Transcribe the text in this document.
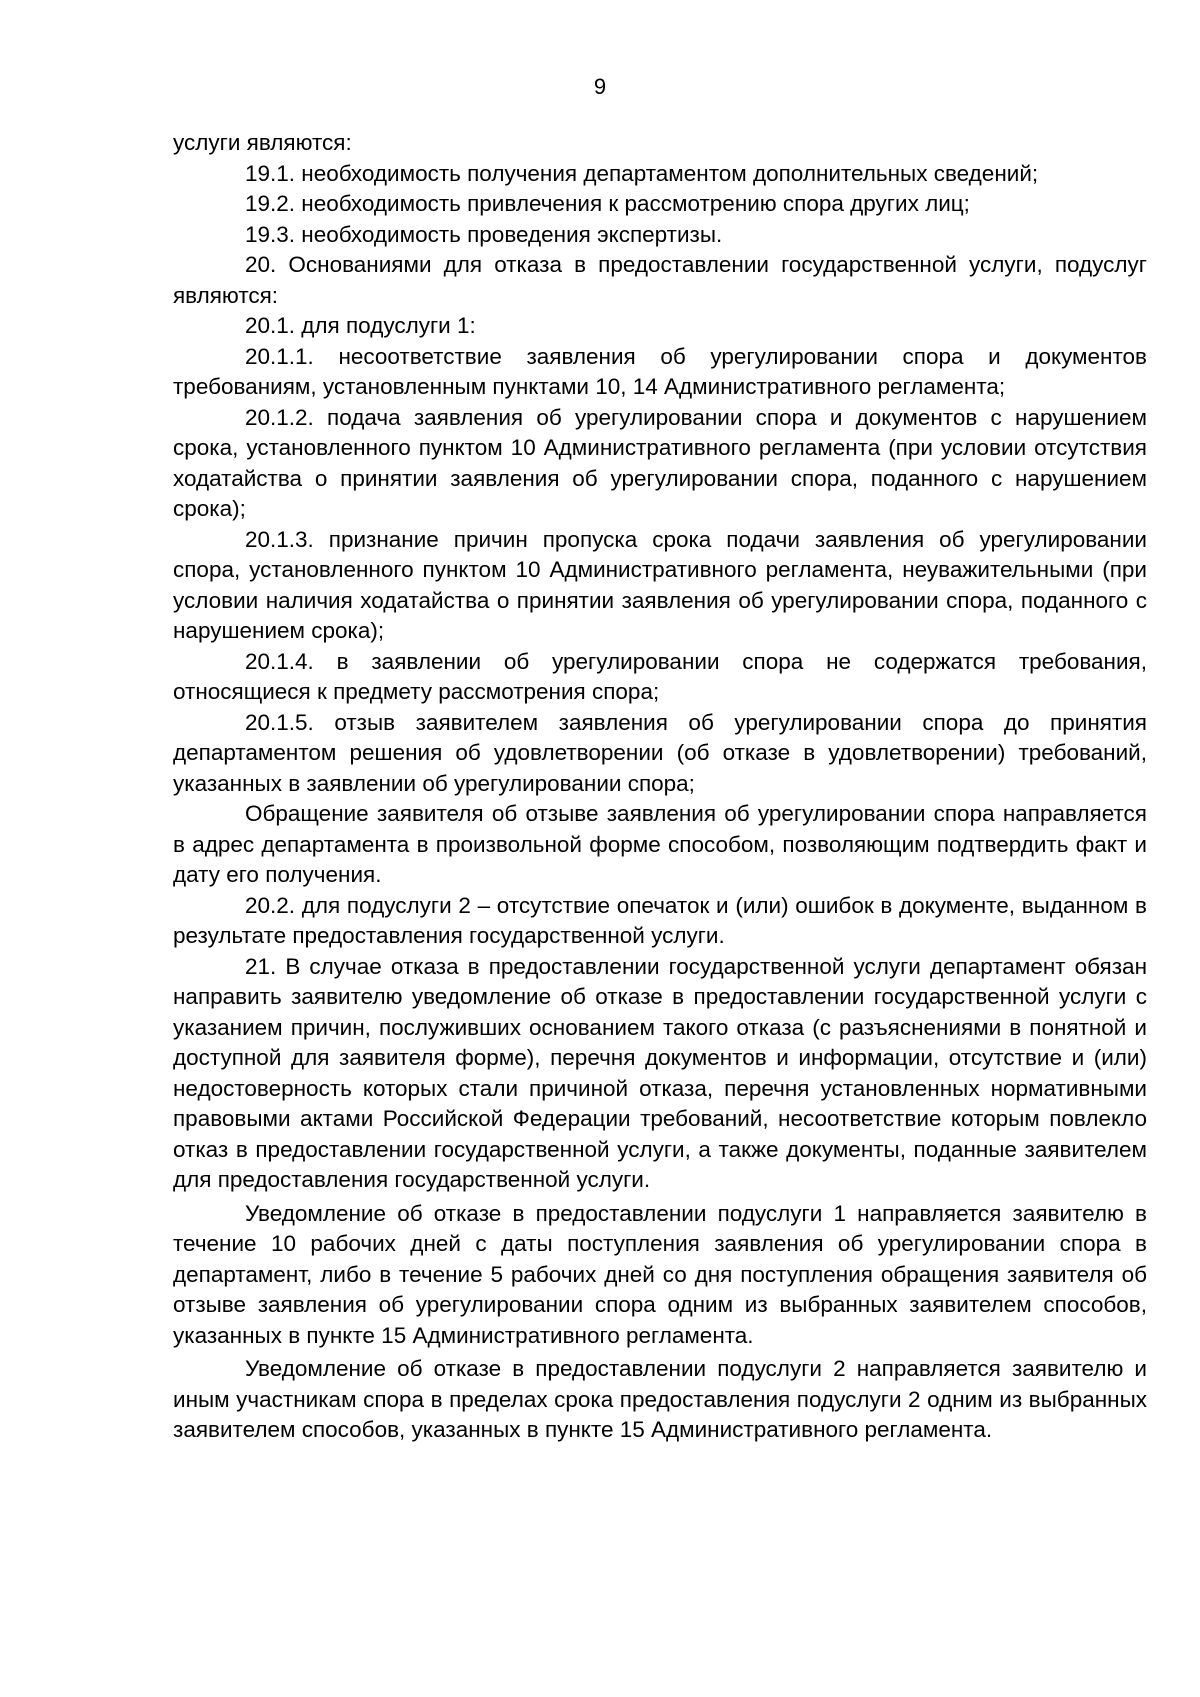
9

услуги являются:

19.1. необходимость получения департаментом дополнительных сведений;

19.2. необходимость привлечения к рассмотрению спора других лиц;

19.3. необходимость проведения экспертизы.

20. Основаниями для отказа в предоставлении государственной услуги, подуслуг являются:

20.1. для подуслуги 1:

20.1.1. несоответствие заявления об урегулировании спора и документов требованиям, установленным пунктами 10, 14 Административного регламента;

20.1.2. подача заявления об урегулировании спора и документов с нарушением срока, установленного пунктом 10 Административного регламента (при условии отсутствия ходатайства о принятии заявления об урегулировании спора, поданного с нарушением срока);

20.1.3. признание причин пропуска срока подачи заявления об урегулировании спора, установленного пунктом 10 Административного регламента, неуважительными (при условии наличия ходатайства о принятии заявления об урегулировании спора, поданного с нарушением срока);

20.1.4. в заявлении об урегулировании спора не содержатся требования, относящиеся к предмету рассмотрения спора;

20.1.5. отзыв заявителем заявления об урегулировании спора до принятия департаментом решения об удовлетворении (об отказе в удовлетворении) требований, указанных в заявлении об урегулировании спора;

Обращение заявителя об отзыве заявления об урегулировании спора направляется в адрес департамента в произвольной форме способом, позволяющим подтвердить факт и дату его получения.

20.2. для подуслуги 2 – отсутствие опечаток и (или) ошибок в документе, выданном в результате предоставления государственной услуги.

21. В случае отказа в предоставлении государственной услуги департамент обязан направить заявителю уведомление об отказе в предоставлении государственной услуги с указанием причин, послуживших основанием такого отказа (с разъяснениями в понятной и доступной для заявителя форме), перечня документов и информации, отсутствие и (или) недостоверность которых стали причиной отказа, перечня установленных нормативными правовыми актами Российской Федерации требований, несоответствие которым повлекло отказ в предоставлении государственной услуги, а также документы, поданные заявителем для предоставления государственной услуги.

Уведомление об отказе в предоставлении подуслуги 1 направляется заявителю в течение 10 рабочих дней с даты поступления заявления об урегулировании спора в департамент, либо в течение 5 рабочих дней со дня поступления обращения заявителя об отзыве заявления об урегулировании спора одним из выбранных заявителем способов, указанных в пункте 15 Административного регламента.

Уведомление об отказе в предоставлении подуслуги 2 направляется заявителю и иным участникам спора в пределах срока предоставления подуслуги 2 одним из выбранных заявителем способов, указанных в пункте 15 Административного регламента.
